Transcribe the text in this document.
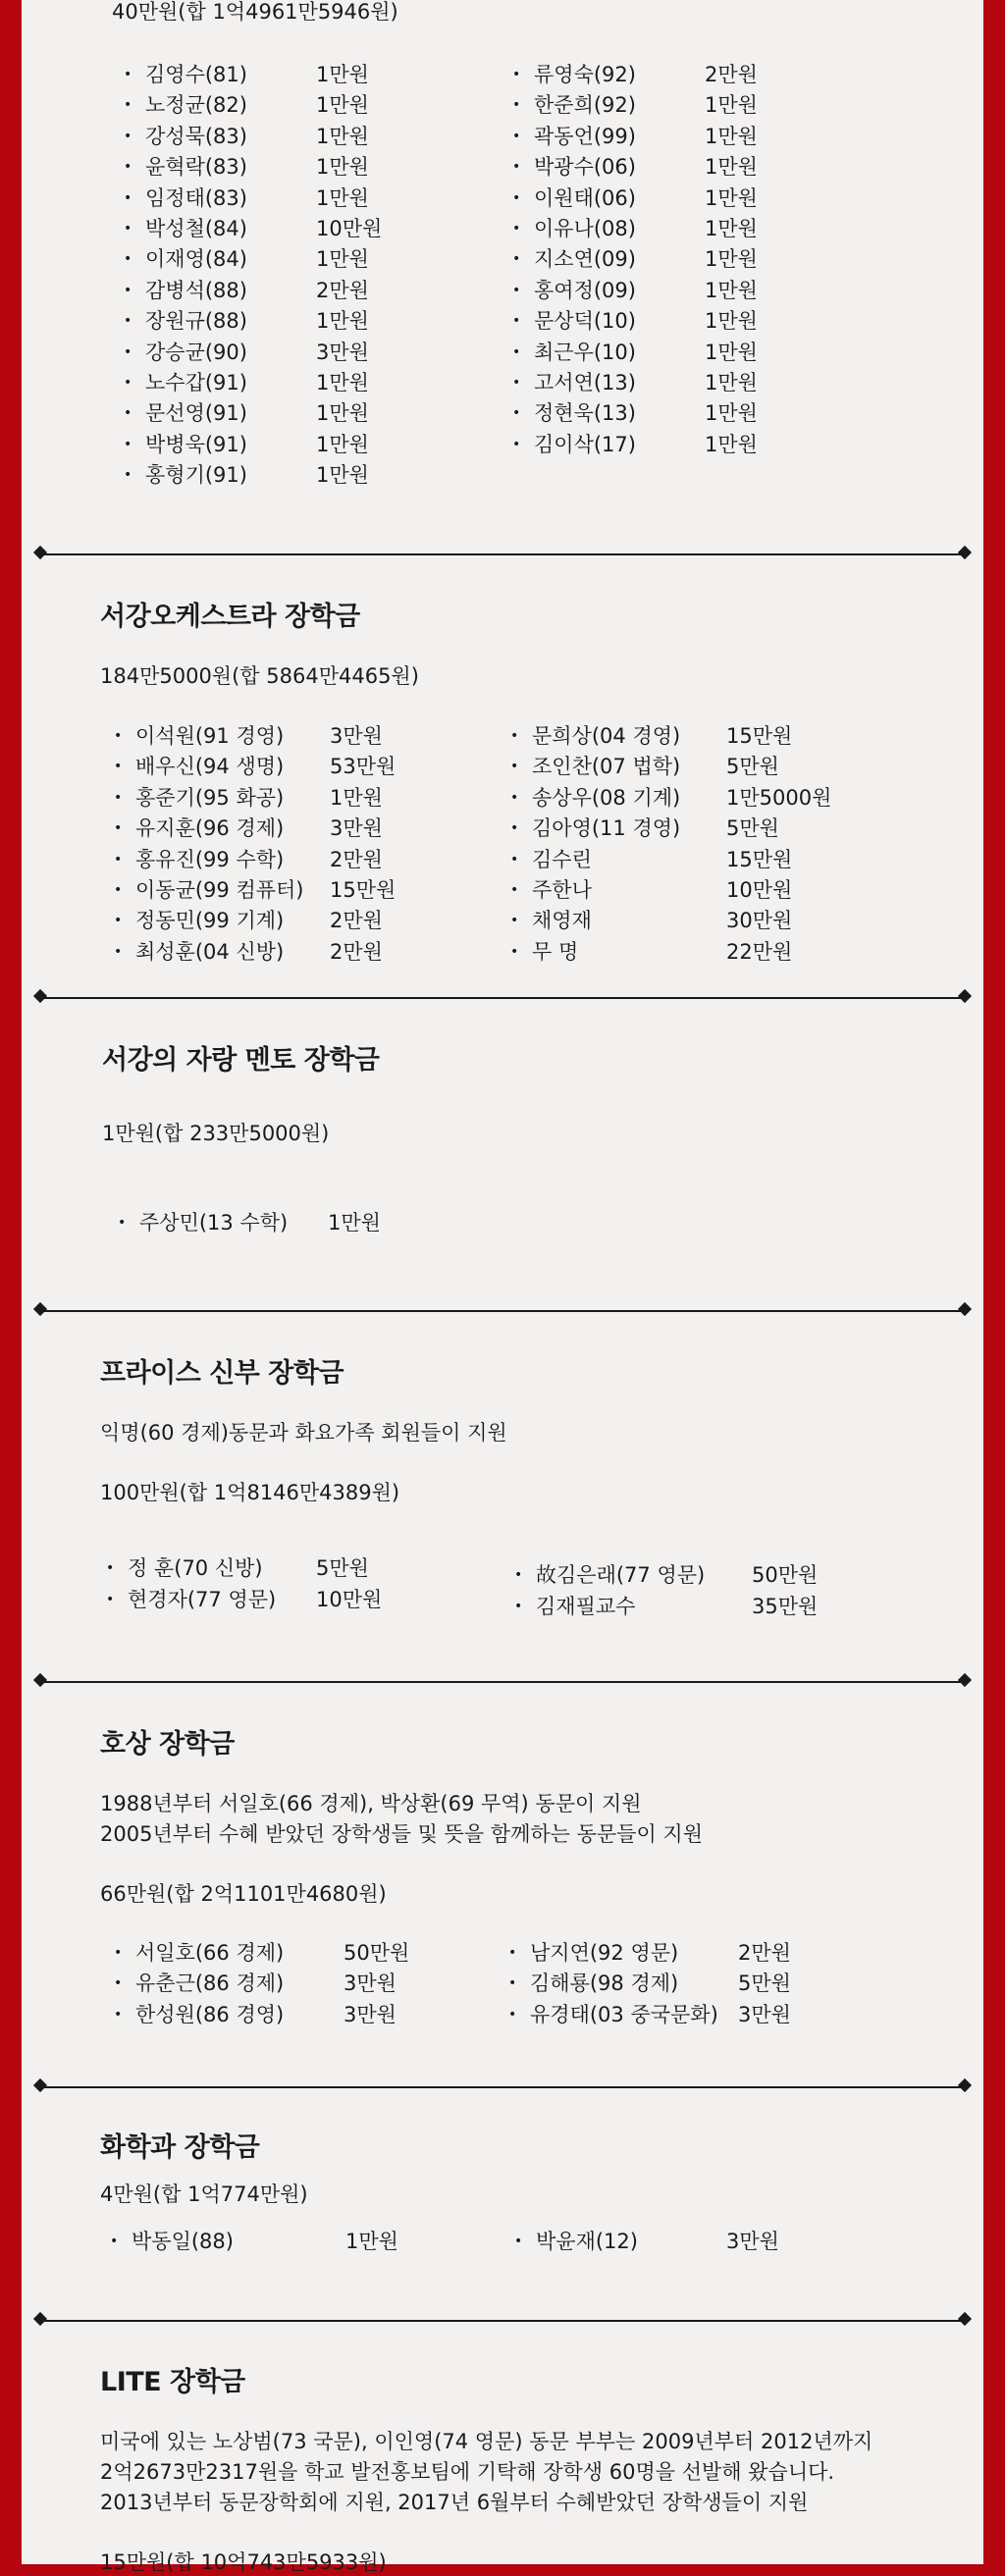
40만원(합 1억4961만5946원)
• 김영수(81)	1만원
• 노정균(82)	1만원
• 강성묵(83)	1만원
• 윤혁락(83)	1만원
• 임정태(83)	1만원
• 박성철(84)	10만원
• 이재영(84)	1만원
• 감병석(88)	2만원
• 장원규(88)	1만원
• 강승균(90)	3만원
• 노수갑(91)	1만원
• 문선영(91)	1만원
• 박병욱(91)	1만원
• 홍형기(91)	1만원
• 류영숙(92)	2만원
• 한준희(92)	1만원
• 곽동언(99)	1만원
• 박광수(06)	1만원
• 이원태(06)	1만원
• 이유나(08)	1만원
• 지소연(09)	1만원
• 홍여정(09)	1만원
• 문상덕(10)	1만원
• 최근우(10)	1만원
• 고서연(13)	1만원
• 정현욱(13)	1만원
• 김이삭(17)	1만원
서강오케스트라 장학금
184만5000원(합 5864만4465원)
• 이석원(91 경영) 3만원
• 배우신(94 생명) 53만원
• 홍준기(95 화공) 1만원
• 유지훈(96 경제) 3만원
• 홍유진(99 수학) 2만원
• 이동균(99 컴퓨터) 15만원
• 정동민(99 기계) 2만원
• 최성훈(04 신방) 2만원
• 문희상(04 경영) 15만원
• 조인찬(07 법학) 5만원
• 송상우(08 기계) 1만5000원
• 김아영(11 경영) 5만원
• 김수린	15만원
• 주한나	10만원
• 채영재	30만원
• 무 명	22만원
서강의 자랑 멘토 장학금
1만원(합 233만5000원)
• 주상민(13 수학) 1만원
프라이스 신부 장학금
익명(60 경제)동문과 화요가족 회원들이 지원
100만원(합 1억8146만4389원)
• 정 훈(70 신방)	5만원
• 현경자(77 영문) 10만원
• 故김은래(77 영문) 50만원
• 김재필교수	35만원
호상 장학금
1988년부터 서일호(66 경제), 박상환(69 무역) 동문이 지원
2005년부터 수혜 받았던 장학생들 및 뜻을 함께하는 동문들이 지원
66만원(합 2억1101만4680원)
• 서일호(66 경제)	50만원
• 유춘근(86 경제)	3만원
• 한성원(86 경영)	3만원
• 남지연(92 영문)	2만원
• 김해룡(98 경제)	5만원
• 유경태(03 중국문화) 3만원
화학과 장학금
4만원(합 1억774만원)
• 박동일(88)	1만원	• 박윤재(12)	3만원
LITE 장학금
미국에 있는 노상범(73 국문), 이인영(74 영문) 동문 부부는 2009년부터 2012년까지
2억2673만2317원을 학교 발전홍보팀에 기탁해 장학생 60명을 선발해 왔습니다.
2013년부터 동문장학회에 지원, 2017년 6월부터 수혜받았던 장학생들이 지원
15만원(합 10억743만5933원)
